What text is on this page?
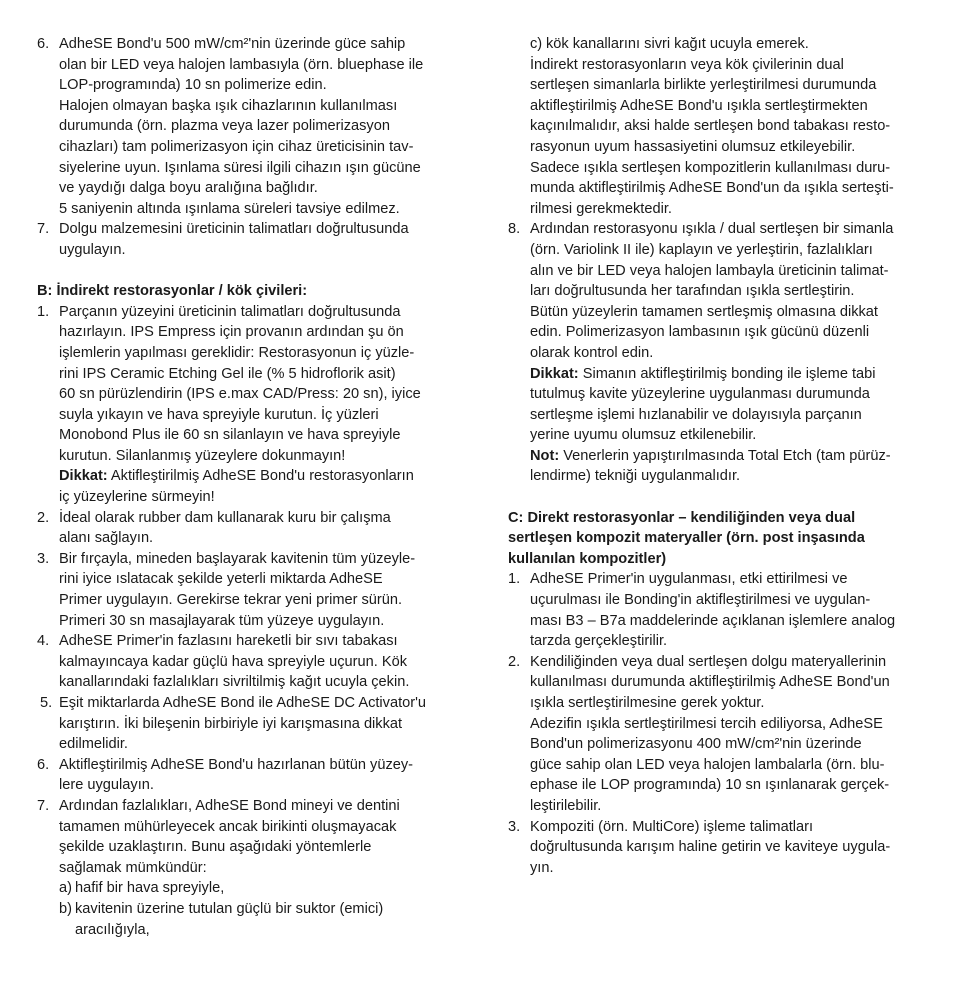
6. AdheSE Bond'u 500 mW/cm²'nin üzerinde güce sahip
olan bir LED veya halojen lambasıyla (örn. bluephase ile
LOP-programında) 10 sn polimerize edin.
Halojen olmayan başka ışık cihazlarının kullanılması
durumunda (örn. plazma veya lazer polimerizasyon
cihazları) tam polimerizasyon için cihaz üreticisinin tav-
siyelerine uyun. Işınlama süresi ilgili cihazın ışın gücüne
ve yaydığı dalga boyu aralığına bağlıdır.
5 saniyenin altında ışınlama süreleri tavsiye edilmez.
7. Dolgu malzemesini üreticinin talimatları doğrultusunda
uygulayın.
B: İndirekt restorasyonlar / kök çivileri:
1. Parçanın yüzeyini üreticinin talimatları doğrultusunda
hazırlayın. IPS Empress için provanın ardından şu ön
işlemlerin yapılması gereklidir: Restorasyonun iç yüzle-
rini IPS Ceramic Etching Gel ile (% 5 hidroflorik asit)
60 sn pürüzlendirin (IPS e.max CAD/Press: 20 sn), iyice
suyla yıkayın ve hava spreyiyle kurutun. İç yüzleri
Monobond Plus ile 60 sn silanlayın ve hava spreyiyle
kurutun. Silanlanmış yüzeylere dokunmayın!
Dikkat: Aktifleştirilmiş AdheSE Bond'u restorasyonların
iç yüzeylerine sürmeyin!
2. İdeal olarak rubber dam kullanarak kuru bir çalışma
alanı sağlayın.
3. Bir fırçayla, mineden başlayarak kavitenin tüm yüzeyle-
rini iyice ıslatacak şekilde yeterli miktarda AdheSE
Primer uygulayın. Gerekirse tekrar yeni primer sürün.
Primeri 30 sn masajlayarak tüm yüzeye uygulayın.
4. AdheSE Primer'in fazlasını hareketli bir sıvı tabakası
kalmayıncaya kadar güçlü hava spreyiyle uçurun. Kök
kanallarındaki fazlalıkları sivriltilmiş kağıt ucuyla çekin.
5. Eşit miktarlarda AdheSE Bond ile AdheSE DC Activator'u
karıştırın. İki bileşenin birbiriyle iyi karışmasına dikkat
edilmelidir.
6. Aktifleştirilmiş AdheSE Bond'u hazırlanan bütün yüzey-
lere uygulayın.
7. Ardından fazlalıkları, AdheSE Bond mineyi ve dentini
tamamen mühürleyecek ancak birikinti oluşmayacak
şekilde uzaklaştırın. Bunu aşağıdaki yöntemlerle
sağlamak mümkündür:
a) hafif bir hava spreyiyle,
b) kavitenin üzerine tutulan güçlü bir suktor (emici)
aracılığıyla,
c) kök kanallarını sivri kağıt ucuyla emerek.
İndirekt restorasyonların veya kök çivilerinin dual
sertleşen simanlarla birlikte yerleştirilmesi durumunda
aktifleştirilmiş AdheSE Bond'u ışıkla sertleştirmekten
kaçınılmalıdır, aksi halde sertleşen bond tabakası resto-
rasyonun uyum hassasiyetini olumsuz etkileyebilir.
Sadece ışıkla sertleşen kompozitlerin kullanılması duru-
munda aktifleştirilmiş AdheSE Bond'un da ışıkla serteşti-
rilmesi gerekmektedir.
8. Ardından restorasyonu ışıkla / dual sertleşen bir simanla
(örn. Variolink II ile) kaplayın ve yerleştirin, fazlalıkları
alın ve bir LED veya halojen lambayla üreticinin talimat-
ları doğrultusunda her tarafından ışıkla sertleştirin.
Bütün yüzeylerin tamamen sertleşmiş olmasına dikkat
edin. Polimerizasyon lambasının ışık gücünü düzenli
olarak kontrol edin.
Dikkat: Simanın aktifleştirilmiş bonding ile işleme tabi
tutulmuş kavite yüzeylerine uygulanması durumunda
sertleşme işlemi hızlanabilir ve dolayısıyla parçanın
yerine uyumu olumsuz etkilenebilir.
Not: Venerlerin yapıştırılmasında Total Etch (tam pürüz-
lendirme) tekniği uygulanmalıdır.
C: Direkt restorasyonlar – kendiliğinden veya dual
sertleşen kompozit materyaller (örn. post inşasında
kullanılan kompozitler)
1. AdheSE Primer'in uygulanması, etki ettirilmesi ve
uçurulması ile Bonding'in aktifleştirilmesi ve uygulan-
ması B3 – B7a maddelerinde açıklanan işlemlere analog
tarzda gerçekleştirilir.
2. Kendiliğinden veya dual sertleşen dolgu materyallerinin
kullanılması durumunda aktifleştirilmiş AdheSE Bond'un
ışıkla sertleştirilmesine gerek yoktur.
Adezifin ışıkla sertleştirilmesi tercih ediliyorsa, AdheSE
Bond'un polimerizasyonu 400 mW/cm²'nin üzerinde
güce sahip olan LED veya halojen lambalarla (örn. blu-
ephase ile LOP programında) 10 sn ışınlanarak gerçek-
leştirilebilir.
3. Kompoziti (örn. MultiCore) işleme talimatları
doğrultusunda karışım haline getirin ve kaviteye uygula-
yın.
